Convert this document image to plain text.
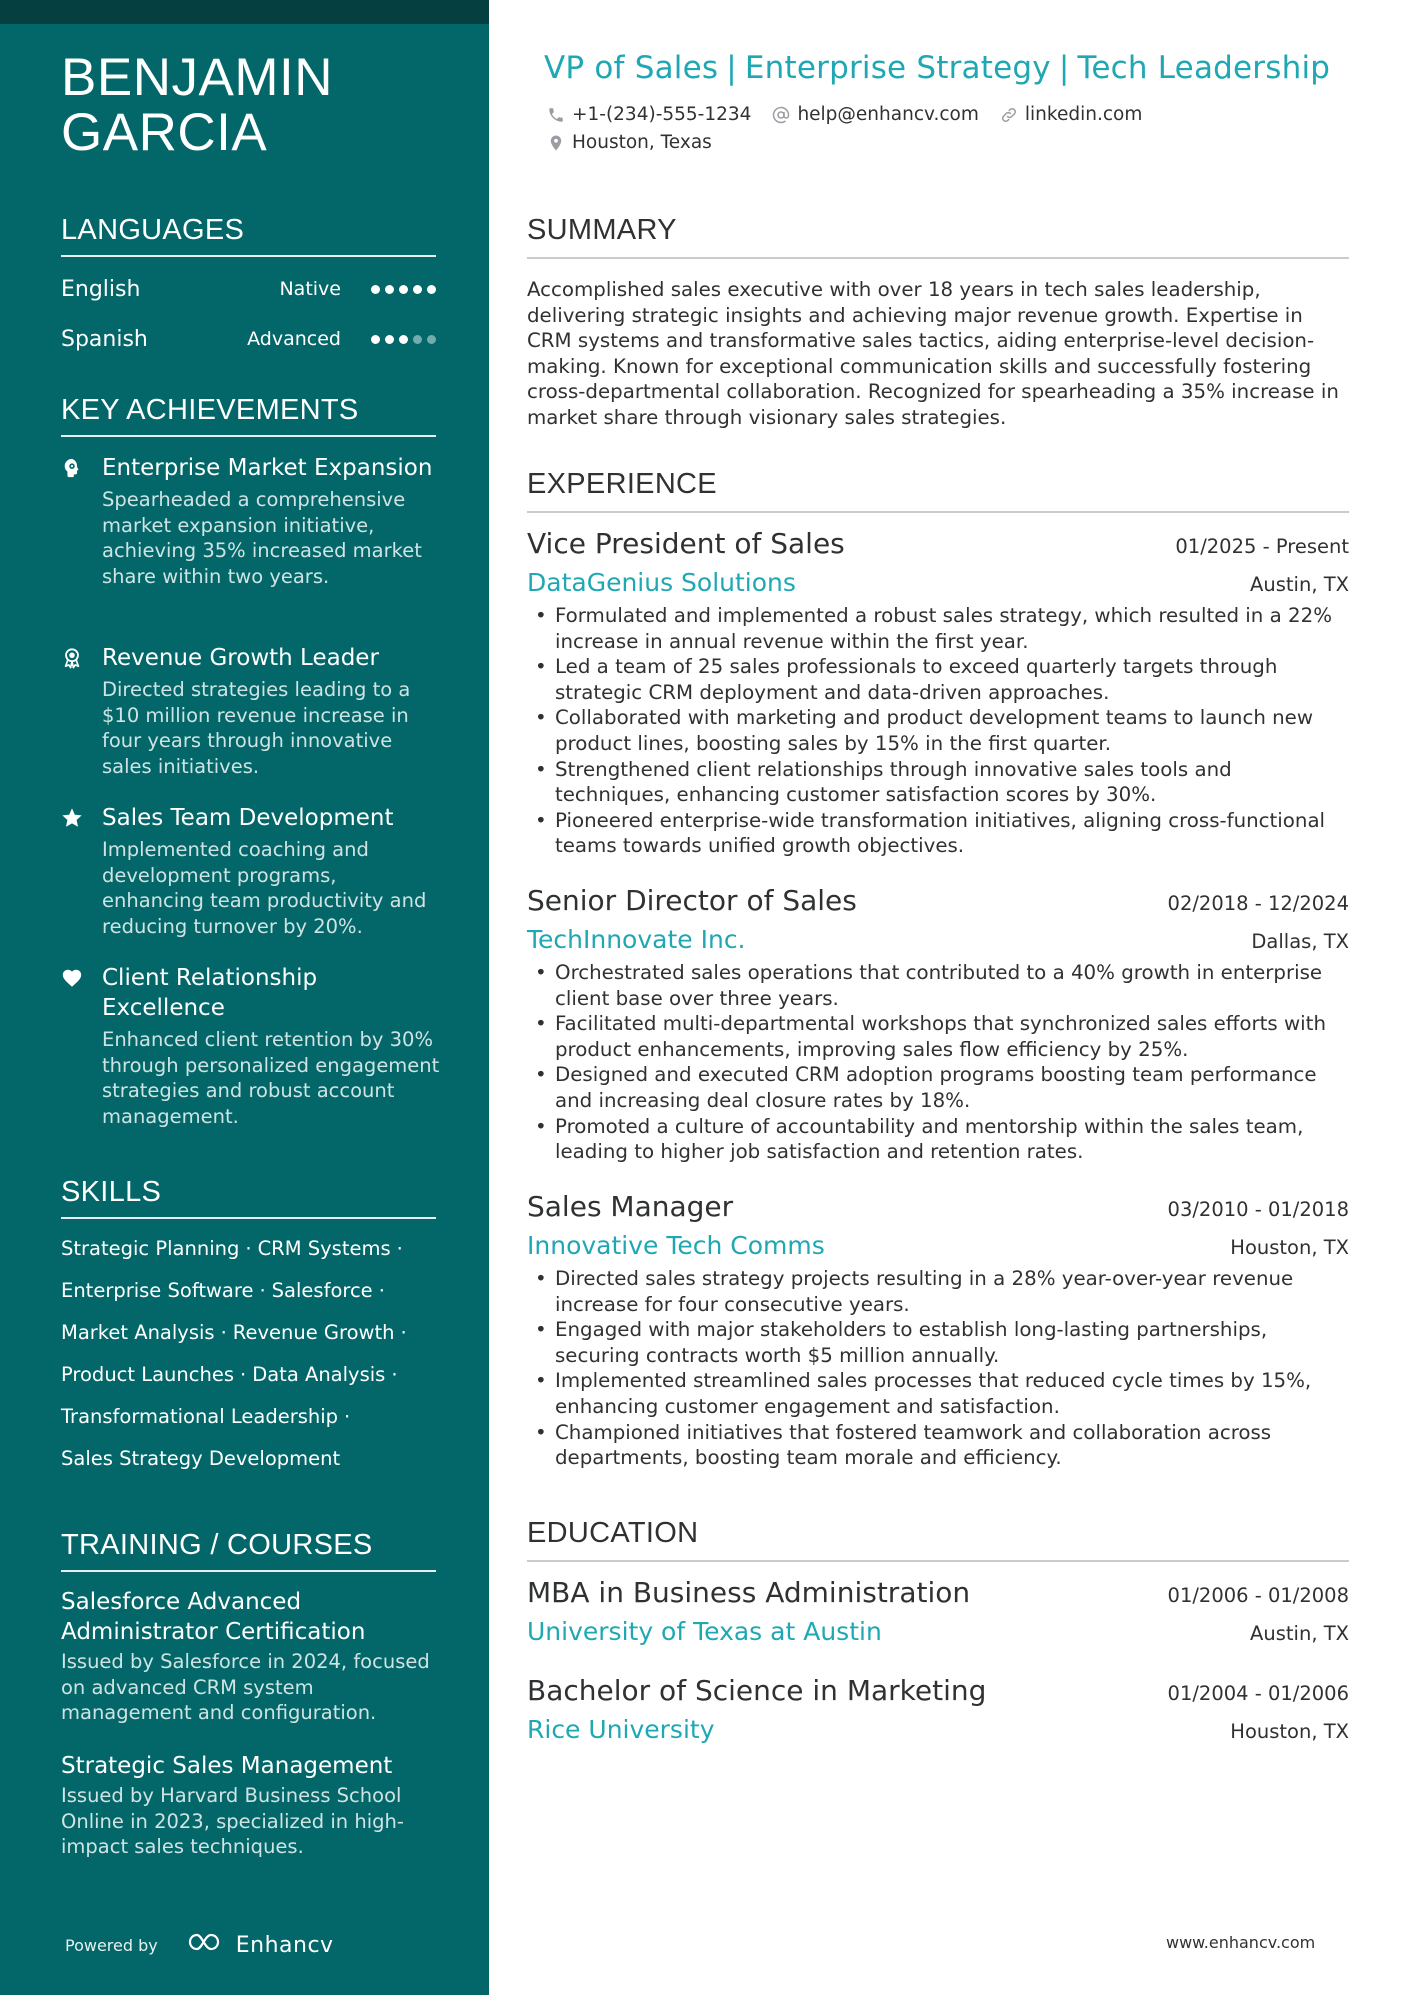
BENJAMIN
GARCIA
LANGUAGES
English	Native
Spanish	Advanced
KEY ACHIEVEMENTS
Enterprise Market Expansion
Spearheaded a comprehensive market expansion initiative, achieving 35% increased market share within two years.
Revenue Growth Leader
Directed strategies leading to a $10 million revenue increase in four years through innovative sales initiatives.
Sales Team Development
Implemented coaching and development programs, enhancing team productivity and reducing turnover by 20%.
Client Relationship Excellence
Enhanced client retention by 30% through personalized engagement strategies and robust account management.
SKILLS
Strategic Planning · CRM Systems ·
Enterprise Software · Salesforce ·
Market Analysis · Revenue Growth ·
Product Launches · Data Analysis ·
Transformational Leadership ·
Sales Strategy Development
TRAINING / COURSES
Salesforce Advanced Administrator Certification
Issued by Salesforce in 2024, focused on advanced CRM system management and configuration.
Strategic Sales Management
Issued by Harvard Business School Online in 2023, specialized in high-impact sales techniques.
Powered by	Enhancv
VP of Sales | Enterprise Strategy | Tech Leadership
+1-(234)-555-1234 help@enhancv.com linkedin.com
Houston, Texas
SUMMARY

Accomplished sales executive with over 18 years in tech sales leadership, delivering strategic insights and achieving major revenue growth. Expertise in CRM systems and transformative sales tactics, aiding enterprise-level decision-making. Known for exceptional communication skills and successfully fostering cross-departmental collaboration. Recognized for spearheading a 35% increase in market share through visionary sales strategies.

EXPERIENCE
Vice President of Sales	01/2025 - Present
DataGenius Solutions	Austin, TX
• Formulated and implemented a robust sales strategy, which resulted in a 22% increase in annual revenue within the first year.
• Led a team of 25 sales professionals to exceed quarterly targets through strategic CRM deployment and data-driven approaches.
• Collaborated with marketing and product development teams to launch new product lines, boosting sales by 15% in the first quarter.
• Strengthened client relationships through innovative sales tools and techniques, enhancing customer satisfaction scores by 30%.
• Pioneered enterprise-wide transformation initiatives, aligning cross-functional teams towards unified growth objectives.
Senior Director of Sales	02/2018 - 12/2024
TechInnovate Inc.	Dallas, TX
• Orchestrated sales operations that contributed to a 40% growth in enterprise client base over three years.
• Facilitated multi-departmental workshops that synchronized sales efforts with product enhancements, improving sales flow efficiency by 25%.
• Designed and executed CRM adoption programs boosting team performance and increasing deal closure rates by 18%.
• Promoted a culture of accountability and mentorship within the sales team, leading to higher job satisfaction and retention rates.
Sales Manager	03/2010 - 01/2018
Innovative Tech Comms	Houston, TX
• Directed sales strategy projects resulting in a 28% year-over-year revenue increase for four consecutive years.
• Engaged with major stakeholders to establish long-lasting partnerships, securing contracts worth $5 million annually.
• Implemented streamlined sales processes that reduced cycle times by 15%, enhancing customer engagement and satisfaction.
• Championed initiatives that fostered teamwork and collaboration across departments, boosting team morale and efficiency.
EDUCATION
MBA in Business Administration	01/2006 - 01/2008
University of Texas at Austin	Austin, TX
Bachelor of Science in Marketing	01/2004 - 01/2006
Rice University	Houston, TX
www.enhancv.com
